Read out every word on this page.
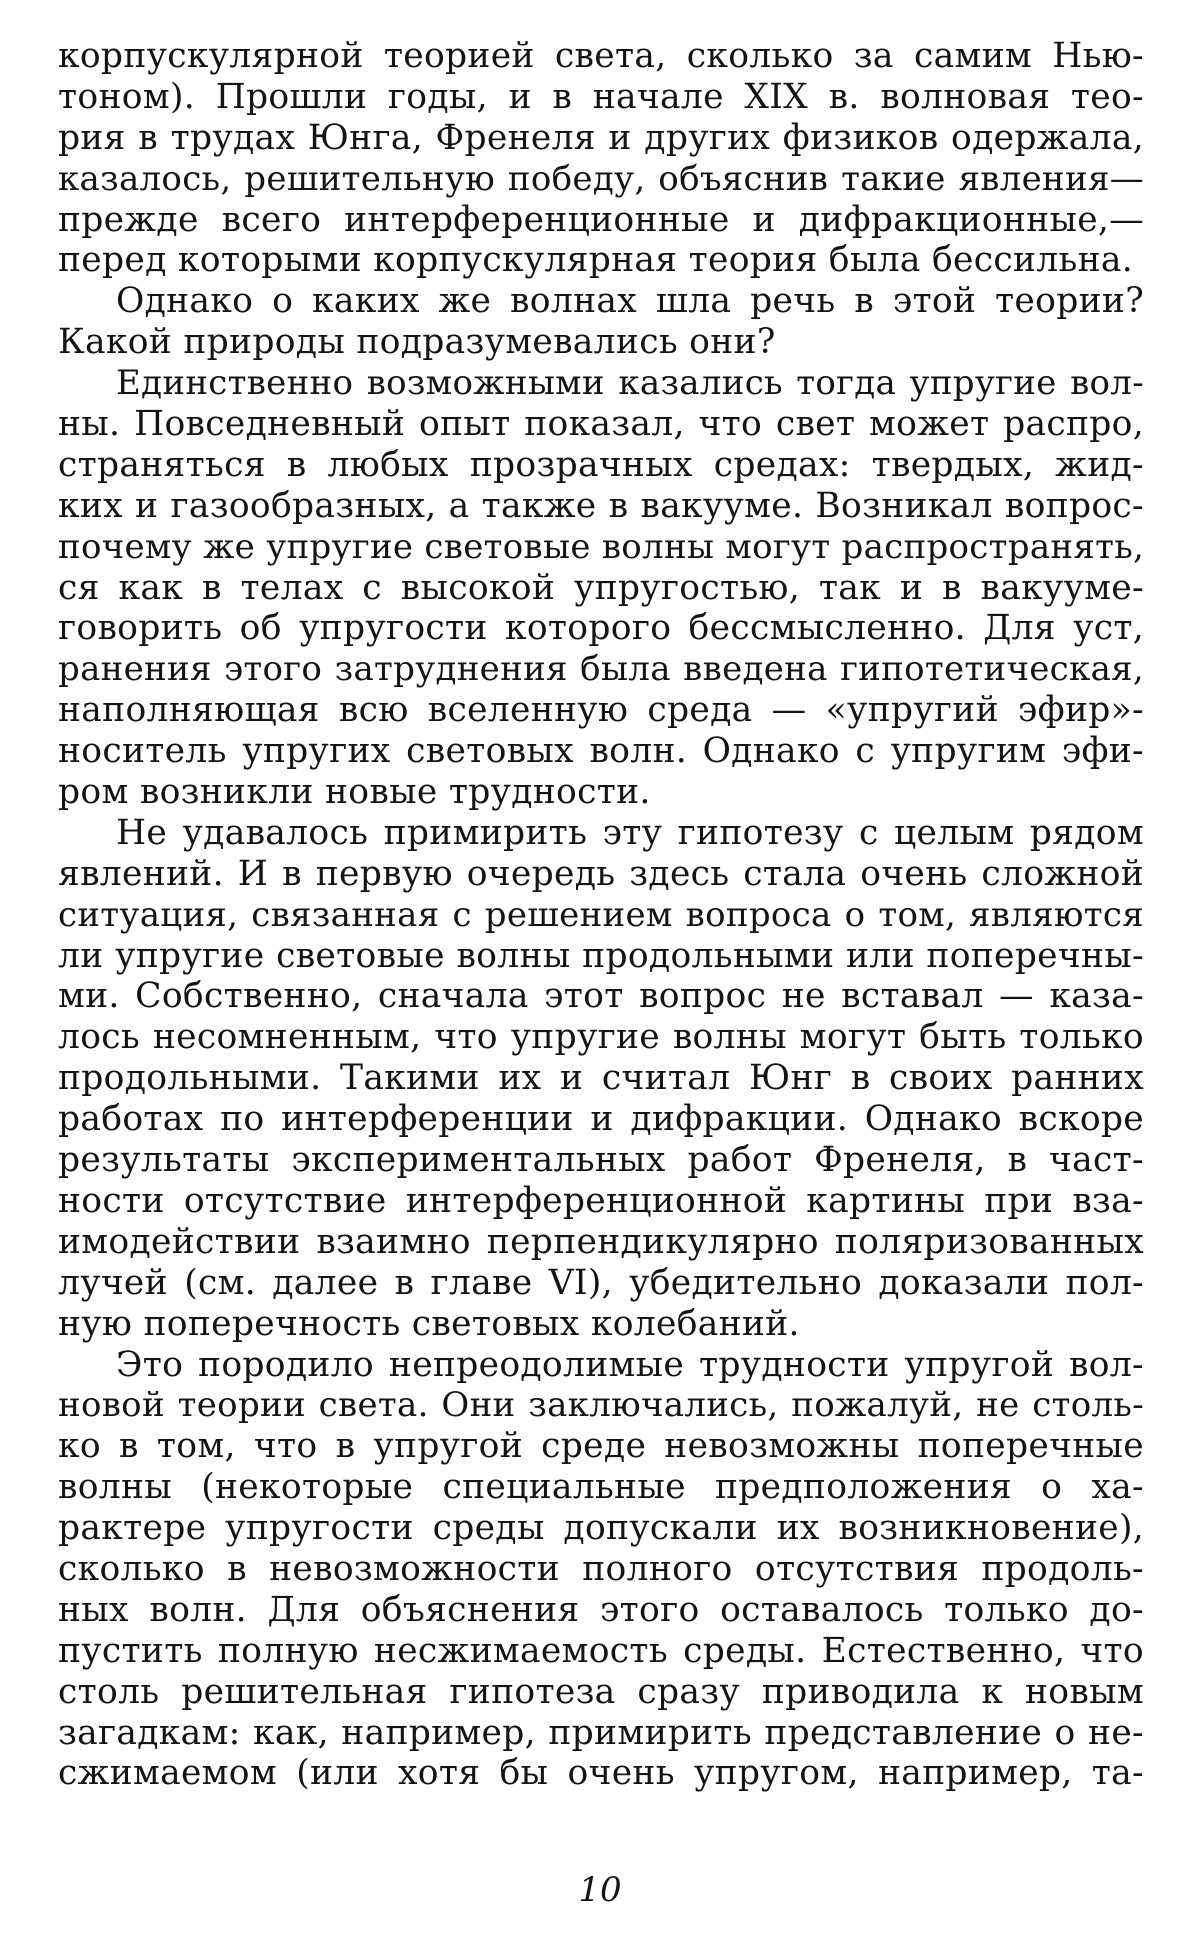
корпускулярной теорией света, сколько за самим Нью-
тоном). Прошли годы, и в начале XIX в. волновая тео-
рия в трудах Юнга, Френеля и других физиков одержала,
казалось, решительную победу, объяснив такие явления—
прежде всего интерференционные и дифракционные,—
перед которыми корпускулярная теория была бессильна.
Однако о каких же волнах шла речь в этой теории?
Какой природы подразумевались они?
Единственно возможными казались тогда упругие вол-
ны. Повседневный опыт показал, что свет может распро,
страняться в любых прозрачных средах: твердых, жид-
ких и газообразных, а также в вакууме. Возникал вопрос-
почему же упругие световые волны могут распространять,
ся как в телах с высокой упругостью, так и в вакууме-
говорить об упругости которого бессмысленно. Для уст,
ранения этого затруднения была введена гипотетическая,
наполняющая всю вселенную среда — «упругий эфир»-
носитель упругих световых волн. Однако с упругим эфи-
ром возникли новые трудности.
Не удавалось примирить эту гипотезу с целым рядом
явлений. И в первую очередь здесь стала очень сложной
ситуация, связанная с решением вопроса о том, являются
ли упругие световые волны продольными или поперечны-
ми. Собственно, сначала этот вопрос не вставал — каза-
лось несомненным, что упругие волны могут быть только
продольными. Такими их и считал Юнг в своих ранних
работах по интерференции и дифракции. Однако вскоре
результаты экспериментальных работ Френеля, в част-
ности отсутствие интерференционной картины при вза-
имодействии взаимно перпендикулярно поляризованных
лучей (см. далее в главе VI), убедительно доказали пол-
ную поперечность световых колебаний.
Это породило непреодолимые трудности упругой вол-
новой теории света. Они заключались, пожалуй, не столь-
ко в том, что в упругой среде невозможны поперечные
волны (некоторые специальные предположения о ха-
рактере упругости среды допускали их возникновение),
сколько в невозможности полного отсутствия продоль-
ных волн. Для объяснения этого оставалось только до-
пустить полную несжимаемость среды. Естественно, что
столь решительная гипотеза сразу приводила к новым
загадкам: как, например, примирить представление о не-
сжимаемом (или хотя бы очень упругом, например, та-
10
